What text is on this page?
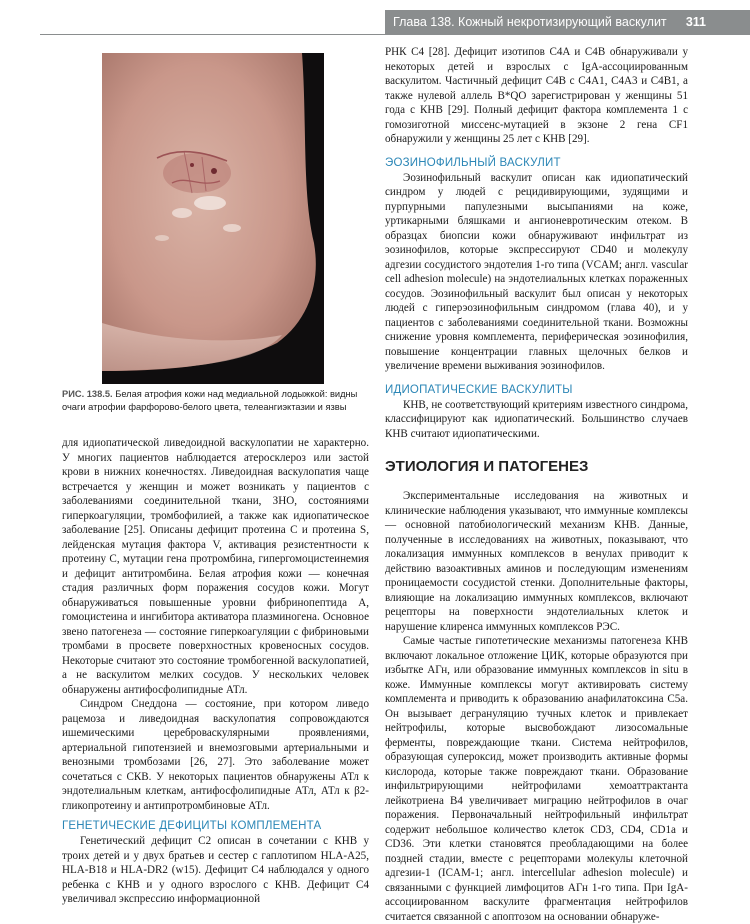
Глава 138. Кожный некротизирующий васкулит 311
РИС. 138.5. Белая атрофия кожи над медиальной лодыжкой: видны очаги атрофии фарфорово-белого цвета, телеангиэктазии и язвы

для идиопатической ливедоидной васкулопатии не характерно. У многих пациентов наблюдается атеросклероз или застой крови в нижних конечностях. Ливедоидная васкулопатия чаще встречается у женщин и может возникать у пациентов с заболеваниями соединительной ткани, ЗНО, состояниями гиперкоагуляции, тромбофилией, а также как идиопатическое заболевание [25]. Описаны дефицит протеина C и протеина S, лейденская мутация фактора V, активация резистентности к протеину C, мутации гена протромбина, гипергомоцистеинемия и дефицит антитромбина. Белая атрофия кожи — конечная стадия различных форм поражения сосудов кожи. Могут обнаруживаться повышенные уровни фибринопептида A, гомоцистеина и ингибитора активатора плазминогена. Основное звено патогенеза — состояние гиперкоагуляции с фибриновыми тромбами в просвете поверхностных кровеносных сосудов. Некоторые считают это состояние тромбогенной васкулопатией, а не васкулитом мелких сосудов. У нескольких человек обнаружены антифосфолипидные АТл.

Синдром Снеддона — состояние, при котором ливедо рацемоза и ливедоидная васкулопатия сопровождаются ишемическими цереброваскулярными проявлениями, артериальной гипотензией и внемозговыми артериальными и венозными тромбозами [26, 27]. Это заболевание может сочетаться с СКВ. У некоторых пациентов обнаружены АТл к эндотелиальным клеткам, антифосфолипидные АТл, АТл к β2-гликопротеину и антипротромбиновые АТл.

ГЕНЕТИЧЕСКИЕ ДЕФИЦИТЫ КОМПЛЕМЕНТА

Генетический дефицит C2 описан в сочетании с КНВ у троих детей и у двух братьев и сестер с гаплотипом HLA-A25, HLA-B18 и HLA-DR2 (w15). Дефицит C4 наблюдался у одного ребенка с КНВ и у одного взрослого с КНВ. Дефицит C4 увеличивал экспрессию информационной

РНК C4 [28]. Дефицит изотипов C4A и C4B обнаруживали у некоторых детей и взрослых с IgA-ассоциированным васкулитом. Частичный дефицит C4B с C4A1, C4A3 и C4B1, а также нулевой аллель B*QO зарегистрирован у женщины 51 года с КНВ [29]. Полный дефицит фактора комплемента 1 с гомозиготной миссенс-мутацией в экзоне 2 гена CF1 обнаружили у женщины 25 лет с КНВ [29].

ЭОЗИНОФИЛЬНЫЙ ВАСКУЛИТ

Эозинофильный васкулит описан как идиопатический синдром у людей с рецидивирующими, зудящими и пурпурными папулезными высыпаниями на коже, уртикарными бляшками и ангионевротическим отеком. В образцах биопсии кожи обнаруживают инфильтрат из эозинофилов, которые экспрессируют CD40 и молекулу адгезии сосудистого эндотелия 1-го типа (VCAM; англ. vascular cell adhesion molecule) на эндотелиальных клетках пораженных сосудов. Эозинофильный васкулит был описан у некоторых людей с гиперэозинофильным синдромом (глава 40), и у пациентов с заболеваниями соединительной ткани. Возможны снижение уровня комплемента, периферическая эозинофилия, повышение концентрации главных щелочных белков и увеличение времени выживания эозинофилов.

ИДИОПАТИЧЕСКИЕ ВАСКУЛИТЫ

КНВ, не соответствующий критериям известного синдрома, классифицируют как идиопатический. Большинство случаев КНВ считают идиопатическими.

ЭТИОЛОГИЯ И ПАТОГЕНЕЗ

Экспериментальные исследования на животных и клинические наблюдения указывают, что иммунные комплексы — основной патобиологический механизм КНВ. Данные, полученные в исследованиях на животных, показывают, что локализация иммунных комплексов в венулах приводит к действию вазоактивных аминов и последующим изменениям проницаемости сосудистой стенки. Дополнительные факторы, влияющие на локализацию иммунных комплексов, включают рецепторы на поверхности эндотелиальных клеток и нарушение клиренса иммунных комплексов РЭС.

Самые частые гипотетические механизмы патогенеза КНВ включают локальное отложение ЦИК, которые образуются при избытке АГн, или образование иммунных комплексов in situ в коже. Иммунные комплексы могут активировать систему комплемента и приводить к образованию анафилатоксина C5a. Он вызывает дегрануляцию тучных клеток и привлекает нейтрофилы, которые высвобождают лизосомальные ферменты, повреждающие ткани. Система нейтрофилов, образующая супероксид, может производить активные формы кислорода, которые также повреждают ткани. Образование инфильтрирующими нейтрофилами хемоаттрактанта лейкотриена B4 увеличивает миграцию нейтрофилов в очаг поражения. Первоначальный нейтрофильный инфильтрат содержит небольшое количество клеток CD3, CD4, CD1a и CD36. Эти клетки становятся преобладающими на более поздней стадии, вместе с рецепторами молекулы клеточной адгезии-1 (ICAM-1; англ. intercellular adhesion molecule) и связанными с функцией лимфоцитов АГн 1-го типа. При IgA-ассоциированном васкулите фрагментация нейтрофилов считается связанной с апоптозом на основании обнаруже-
